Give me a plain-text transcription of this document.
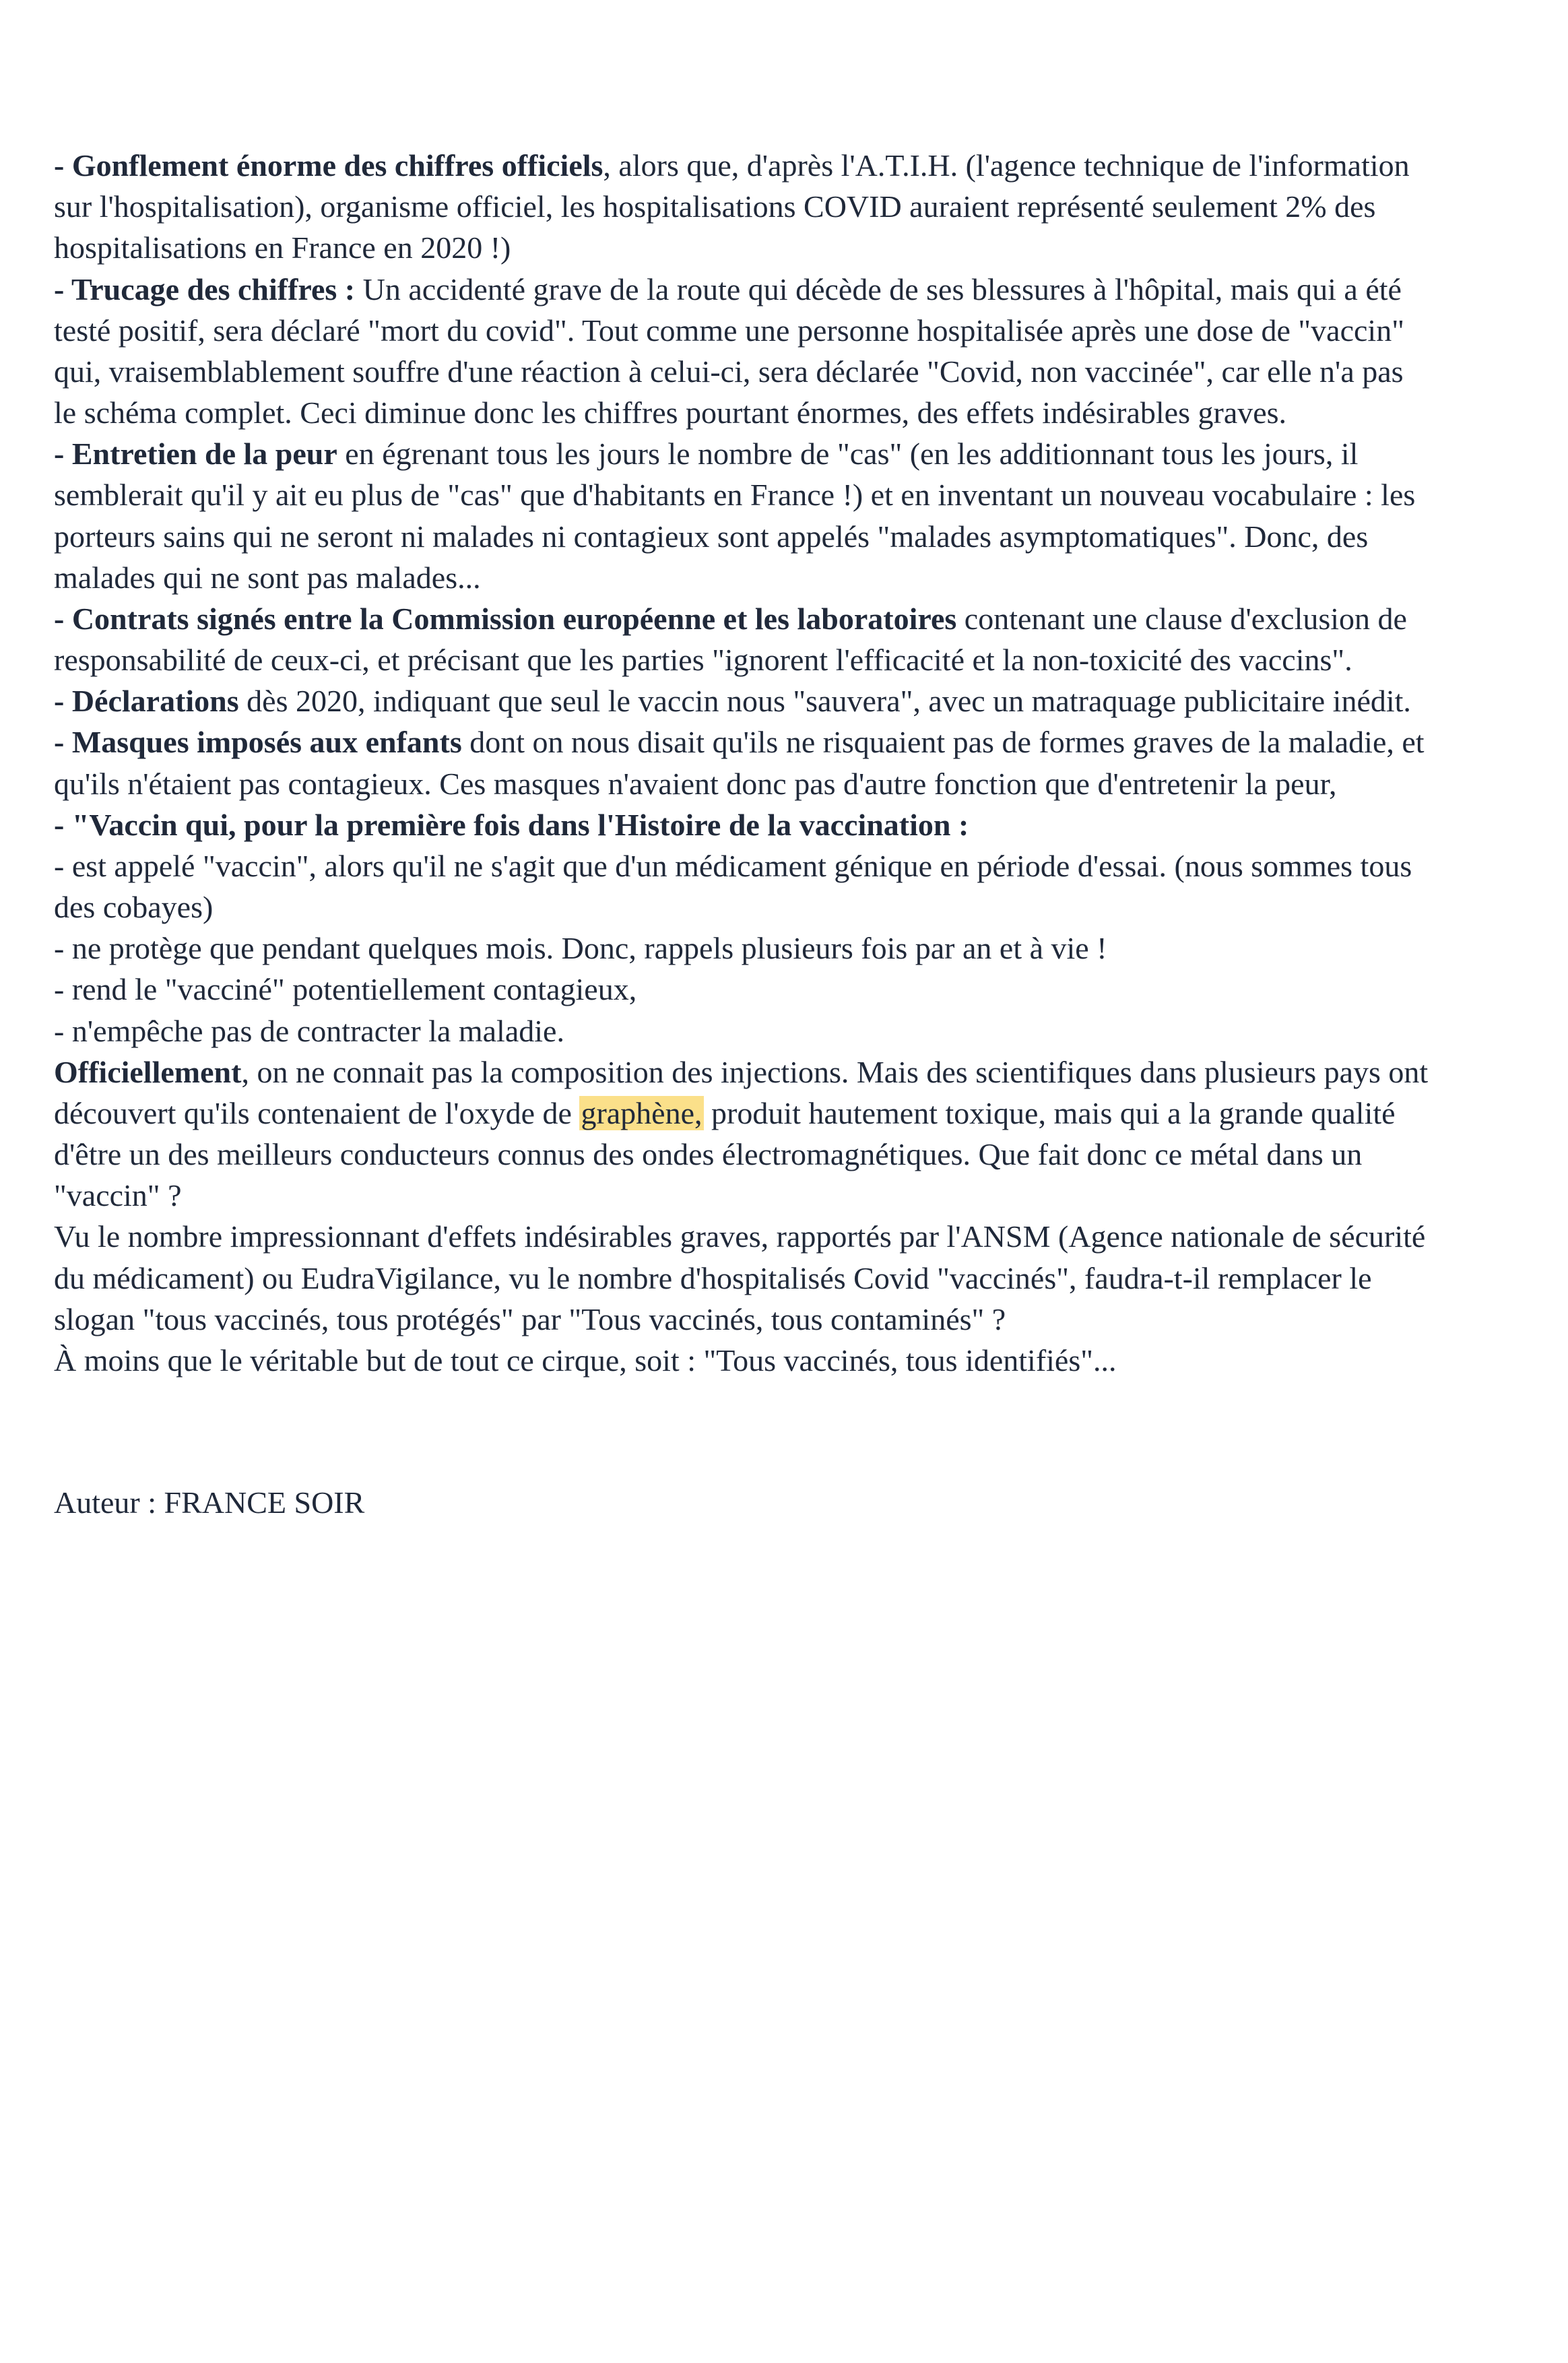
- Gonflement énorme des chiffres officiels, alors que, d'après l'A.T.I.H. (l'agence technique de l'information sur l'hospitalisation), organisme officiel, les hospitalisations COVID auraient représenté seulement 2% des hospitalisations en France en 2020 !)

- Trucage des chiffres : Un accidenté grave de la route qui décède de ses blessures à l'hôpital, mais qui a été testé positif, sera déclaré "mort du covid". Tout comme une personne hospitalisée après une dose de "vaccin" qui, vraisemblablement souffre d'une réaction à celui-ci, sera déclarée "Covid, non vaccinée", car elle n'a pas le schéma complet. Ceci diminue donc les chiffres pourtant énormes, des effets indésirables graves.

- Entretien de la peur en égrenant tous les jours le nombre de "cas" (en les additionnant tous les jours, il semblerait qu'il y ait eu plus de "cas" que d'habitants en France !) et en inventant un nouveau vocabulaire : les porteurs sains qui ne seront ni malades ni contagieux sont appelés "malades asymptomatiques". Donc, des malades qui ne sont pas malades...

- Contrats signés entre la Commission européenne et les laboratoires contenant une clause d'exclusion de responsabilité de ceux-ci, et précisant que les parties "ignorent l'efficacité et la non-toxicité des vaccins".

- Déclarations dès 2020, indiquant que seul le vaccin nous "sauvera", avec un matraquage publicitaire inédit.

- Masques imposés aux enfants dont on nous disait qu'ils ne risquaient pas de formes graves de la maladie, et qu'ils n'étaient pas contagieux. Ces masques n'avaient donc pas d'autre fonction que d'entretenir la peur,

- "Vaccin qui, pour la première fois dans l'Histoire de la vaccination :

- est appelé "vaccin", alors qu'il ne s'agit que d'un médicament génique en période d'essai. (nous sommes tous des cobayes)

- ne protège que pendant quelques mois. Donc, rappels plusieurs fois par an et à vie !

- rend le "vacciné" potentiellement contagieux,

- n'empêche pas de contracter la maladie.

Officiellement, on ne connait pas la composition des injections. Mais des scientifiques dans plusieurs pays ont découvert qu'ils contenaient de l'oxyde de graphène, produit hautement toxique, mais qui a la grande qualité d'être un des meilleurs conducteurs connus des ondes électromagnétiques. Que fait donc ce métal dans un "vaccin" ?

Vu le nombre impressionnant d'effets indésirables graves, rapportés par l'ANSM (Agence nationale de sécurité du médicament) ou EudraVigilance, vu le nombre d'hospitalisés Covid "vaccinés", faudra-t-il remplacer le slogan "tous vaccinés, tous protégés" par "Tous vaccinés, tous contaminés" ?

À moins que le véritable but de tout ce cirque, soit : "Tous vaccinés, tous identifiés"...

Auteur : FRANCE SOIR
